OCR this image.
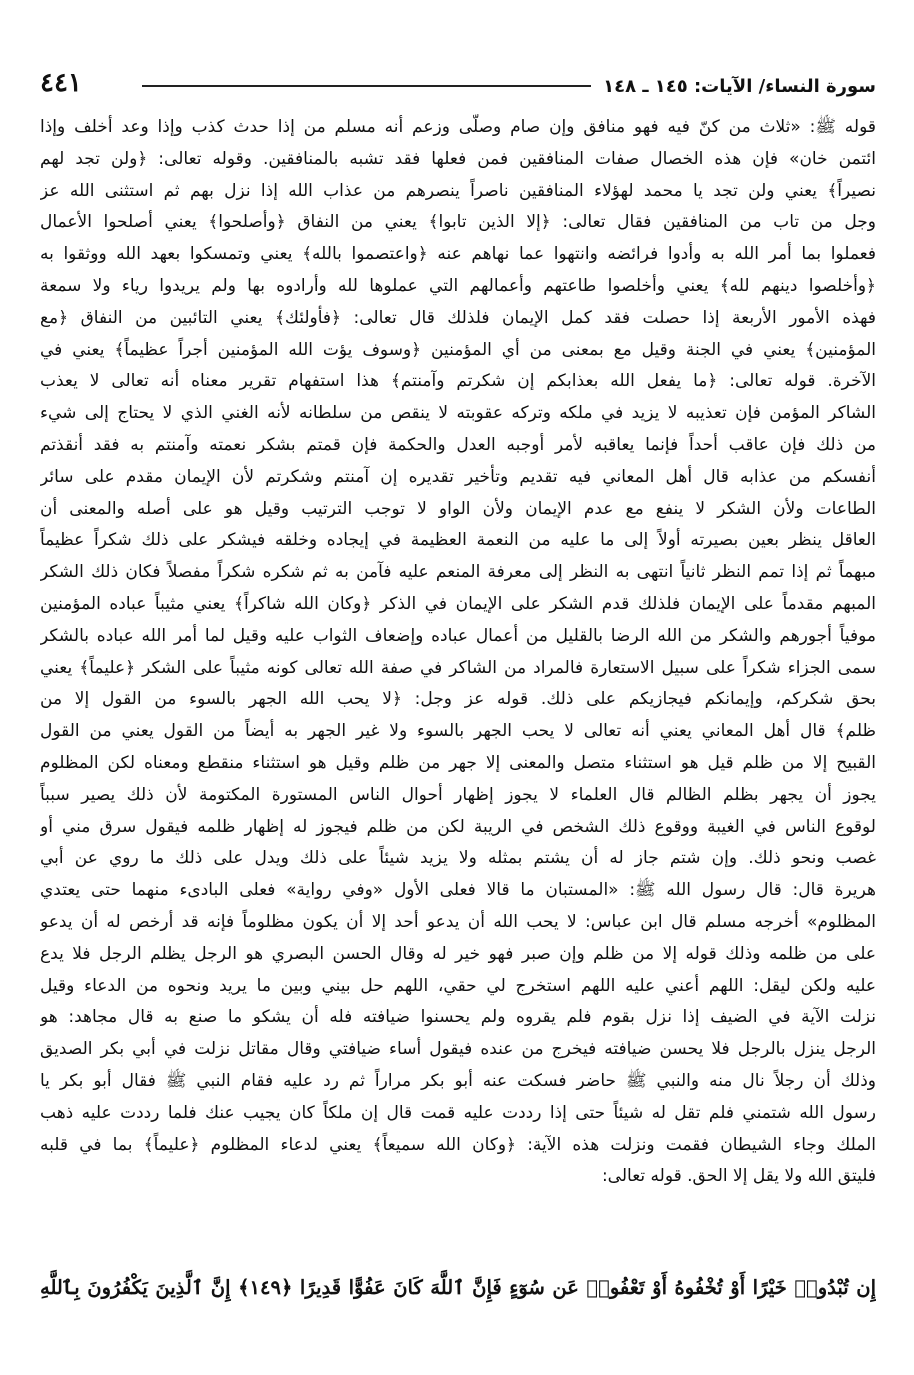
٤٤١	سورة النساء/ الآيات: ١٤٥ ـ ١٤٨
قوله ﷺ: «ثلاث من كنّ فيه فهو منافق وإن صام وصلّى وزعم أنه مسلم من إذا حدث كذب وإذا وعد أخلف وإذا
ائتمن خان» فإن هذه الخصال صفات المنافقين فمن فعلها فقد تشبه بالمنافقين. وقوله تعالى: ﴿ولن تجد لهم
نصيراً﴾ يعني ولن تجد يا محمد لهؤلاء المنافقين ناصراً ينصرهم من عذاب الله إذا نزل بهم ثم استثنى الله عز
وجل من تاب من المنافقين فقال تعالى: ﴿إلا الذين تابوا﴾ يعني من النفاق ﴿وأصلحوا﴾ يعني أصلحوا الأعمال
فعملوا بما أمر الله به وأدوا فرائضه وانتهوا عما نهاهم عنه ﴿واعتصموا بالله﴾ يعني وتمسكوا بعهد الله ووثقوا به
﴿وأخلصوا دينهم لله﴾ يعني وأخلصوا طاعتهم وأعمالهم التي عملوها لله وأرادوه بها ولم يريدوا رياء ولا سمعة
فهذه الأمور الأربعة إذا حصلت فقد كمل الإيمان فلذلك قال تعالى: ﴿فأولئك﴾ يعني التائبين من النفاق ﴿مع
المؤمنين﴾ يعني في الجنة وقيل مع بمعنى من أي المؤمنين ﴿وسوف يؤت الله المؤمنين أجراً عظيماً﴾ يعني في
الآخرة. قوله تعالى: ﴿ما يفعل الله بعذابكم إن شكرتم وآمنتم﴾ هذا استفهام تقرير معناه أنه تعالى لا يعذب
الشاكر المؤمن فإن تعذيبه لا يزيد في ملكه وتركه عقوبته لا ينقص من سلطانه لأنه الغني الذي لا يحتاج إلى شيء
من ذلك فإن عاقب أحداً فإنما يعاقبه لأمر أوجبه العدل والحكمة فإن قمتم بشكر نعمته وآمنتم به فقد أنقذتم
أنفسكم من عذابه قال أهل المعاني فيه تقديم وتأخير تقديره إن آمنتم وشكرتم لأن الإيمان مقدم على سائر
الطاعات ولأن الشكر لا ينفع مع عدم الإيمان ولأن الواو لا توجب الترتيب وقيل هو على أصله والمعنى أن
العاقل ينظر بعين بصيرته أولاً إلى ما عليه من النعمة العظيمة في إيجاده وخلقه فيشكر على ذلك شكراً عظيماً
مبهماً ثم إذا تمم النظر ثانياً انتهى به النظر إلى معرفة المنعم عليه فآمن به ثم شكره شكراً مفصلاً فكان ذلك الشكر
المبهم مقدماً على الإيمان فلذلك قدم الشكر على الإيمان في الذكر ﴿وكان الله شاكراً﴾ يعني مثيباً عباده المؤمنين
موفياً أجورهم والشكر من الله الرضا بالقليل من أعمال عباده وإضعاف الثواب عليه وقيل لما أمر الله عباده بالشكر
سمى الجزاء شكراً على سبيل الاستعارة فالمراد من الشاكر في صفة الله تعالى كونه مثيباً على الشكر ﴿عليماً﴾ يعني
بحق شكركم، وإيمانكم فيجازيكم على ذلك. قوله عز وجل: ﴿لا يحب الله الجهر بالسوء من القول إلا من
ظلم﴾ قال أهل المعاني يعني أنه تعالى لا يحب الجهر بالسوء ولا غير الجهر به أيضاً من القول يعني من القول
القبيح إلا من ظلم قيل هو استثناء متصل والمعنى إلا جهر من ظلم وقيل هو استثناء منقطع ومعناه لكن المظلوم
يجوز أن يجهر بظلم الظالم قال العلماء لا يجوز إظهار أحوال الناس المستورة المكتومة لأن ذلك يصير سبباً
لوقوع الناس في الغيبة ووقوع ذلك الشخص في الريبة لكن من ظلم فيجوز له إظهار ظلمه فيقول سرق مني أو
غصب ونحو ذلك. وإن شتم جاز له أن يشتم بمثله ولا يزيد شيئاً على ذلك ويدل على ذلك ما روي عن أبي
هريرة قال: قال رسول الله ﷺ: «المستبان ما قالا فعلى الأول «وفي رواية» فعلى البادىء منهما حتى يعتدي
المظلوم» أخرجه مسلم قال ابن عباس: لا يحب الله أن يدعو أحد إلا أن يكون مظلوماً فإنه قد أرخص له أن يدعو
على من ظلمه وذلك قوله إلا من ظلم وإن صبر فهو خير له وقال الحسن البصري هو الرجل يظلم الرجل فلا يدع
عليه ولكن ليقل: اللهم أعني عليه اللهم استخرج لي حقي، اللهم حل بيني وبين ما يريد ونحوه من الدعاء وقيل
نزلت الآية في الضيف إذا نزل بقوم فلم يقروه ولم يحسنوا ضيافته فله أن يشكو ما صنع به قال مجاهد: هو
الرجل ينزل بالرجل فلا يحسن ضيافته فيخرج من عنده فيقول أساء ضيافتي وقال مقاتل نزلت في أبي بكر الصديق
وذلك أن رجلاً نال منه والنبي ﷺ حاضر فسكت عنه أبو بكر مراراً ثم رد عليه فقام النبي ﷺ فقال أبو بكر يا
رسول الله شتمني فلم تقل له شيئاً حتى إذا رددت عليه قمت قال إن ملكاً كان يجيب عنك فلما رددت عليه ذهب
الملك وجاء الشيطان فقمت ونزلت هذه الآية: ﴿وكان الله سميعاً﴾ يعني لدعاء المظلوم ﴿عليماً﴾ بما في قلبه
فليتق الله ولا يقل إلا الحق. قوله تعالى:
إِن تُبْدُوا۟ خَيْرًا أَوْ تُخْفُوهُ أَوْ تَعْفُوا۟ عَن سُوٓءٍ فَإِنَّ ٱللَّهَ كَانَ عَفُوًّا قَدِيرًا ﴿١٤٩﴾ إِنَّ ٱلَّذِينَ يَكْفُرُونَ بِٱللَّهِ
